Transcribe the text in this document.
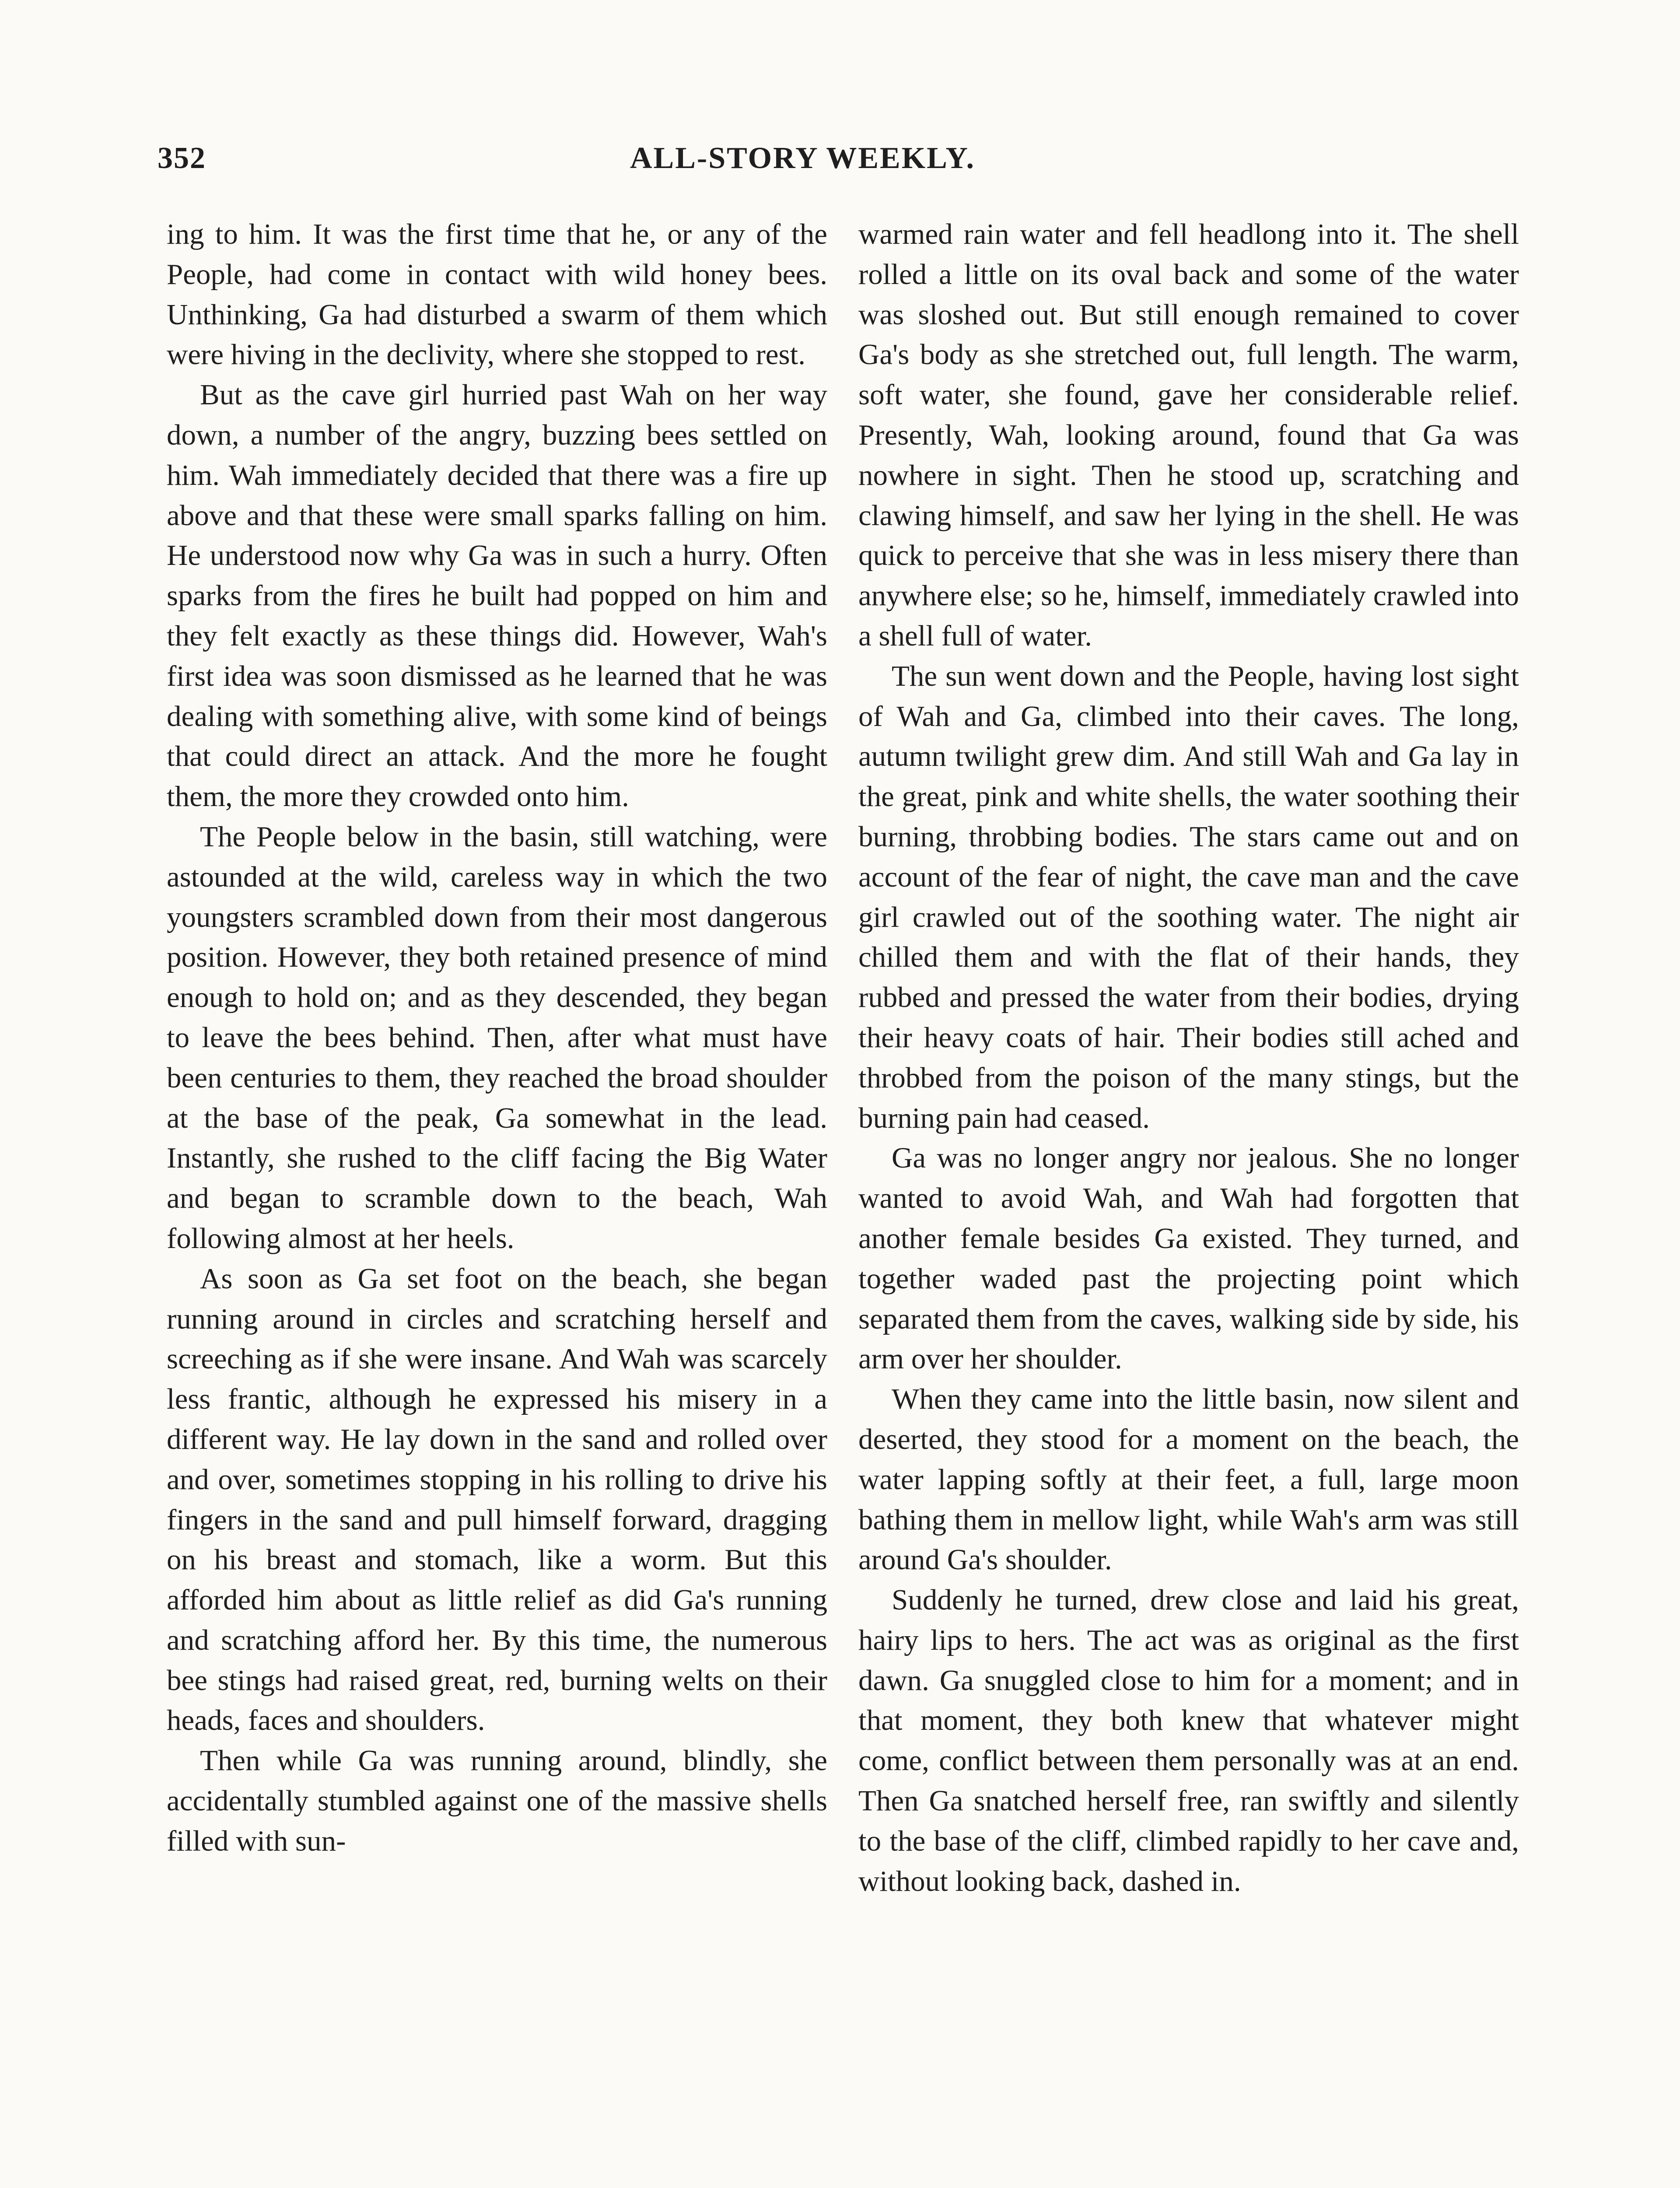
352	ALL-STORY WEEKLY.

ing to him. It was the first time that he, or any of the People, had come in contact with wild honey bees. Unthinking, Ga had disturbed a swarm of them which were hiving in the declivity, where she stopped to rest.

But as the cave girl hurried past Wah on her way down, a number of the angry, buzzing bees settled on him. Wah immediately decided that there was a fire up above and that these were small sparks falling on him. He understood now why Ga was in such a hurry. Often sparks from the fires he built had popped on him and they felt exactly as these things did. However, Wah's first idea was soon dismissed as he learned that he was dealing with something alive, with some kind of beings that could direct an attack. And the more he fought them, the more they crowded onto him.

The People below in the basin, still watching, were astounded at the wild, careless way in which the two youngsters scrambled down from their most dangerous position. However, they both retained presence of mind enough to hold on; and as they descended, they began to leave the bees behind. Then, after what must have been centuries to them, they reached the broad shoulder at the base of the peak, Ga somewhat in the lead. Instantly, she rushed to the cliff facing the Big Water and began to scramble down to the beach, Wah following almost at her heels.

As soon as Ga set foot on the beach, she began running around in circles and scratching herself and screeching as if she were insane. And Wah was scarcely less frantic, although he expressed his misery in a different way. He lay down in the sand and rolled over and over, sometimes stopping in his rolling to drive his fingers in the sand and pull himself forward, dragging on his breast and stomach, like a worm. But this afforded him about as little relief as did Ga's running and scratching afford her. By this time, the numerous bee stings had raised great, red, burning welts on their heads, faces and shoulders.

Then while Ga was running around, blindly, she accidentally stumbled against one of the massive shells filled with sun-

warmed rain water and fell headlong into it. The shell rolled a little on its oval back and some of the water was sloshed out. But still enough remained to cover Ga's body as she stretched out, full length. The warm, soft water, she found, gave her considerable relief. Presently, Wah, looking around, found that Ga was nowhere in sight. Then he stood up, scratching and clawing himself, and saw her lying in the shell. He was quick to perceive that she was in less misery there than anywhere else; so he, himself, immediately crawled into a shell full of water.

The sun went down and the People, having lost sight of Wah and Ga, climbed into their caves. The long, autumn twilight grew dim. And still Wah and Ga lay in the great, pink and white shells, the water soothing their burning, throbbing bodies. The stars came out and on account of the fear of night, the cave man and the cave girl crawled out of the soothing water. The night air chilled them and with the flat of their hands, they rubbed and pressed the water from their bodies, drying their heavy coats of hair. Their bodies still ached and throbbed from the poison of the many stings, but the burning pain had ceased.

Ga was no longer angry nor jealous. She no longer wanted to avoid Wah, and Wah had forgotten that another female besides Ga existed. They turned, and together waded past the projecting point which separated them from the caves, walking side by side, his arm over her shoulder.

When they came into the little basin, now silent and deserted, they stood for a moment on the beach, the water lapping softly at their feet, a full, large moon bathing them in mellow light, while Wah's arm was still around Ga's shoulder.

Suddenly he turned, drew close and laid his great, hairy lips to hers. The act was as original as the first dawn. Ga snuggled close to him for a moment; and in that moment, they both knew that whatever might come, conflict between them personally was at an end. Then Ga snatched herself free, ran swiftly and silently to the base of the cliff, climbed rapidly to her cave and, without looking back, dashed in.
